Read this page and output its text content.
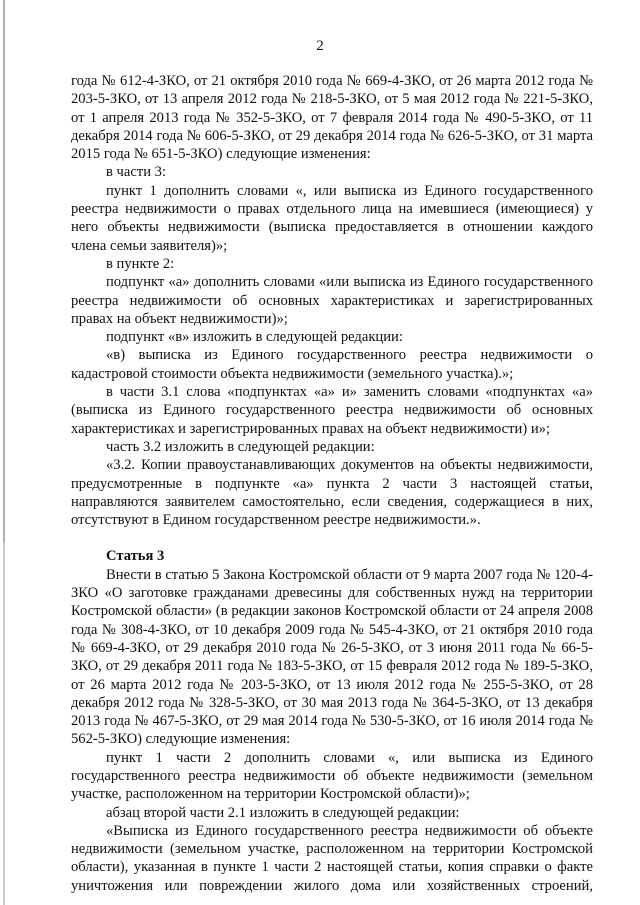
2

года № 612-4-ЗКО, от 21 октября 2010 года № 669-4-ЗКО, от 26 марта 2012 года № 203-5-ЗКО, от 13 апреля 2012 года № 218-5-ЗКО, от 5 мая 2012 года № 221-5-ЗКО, от 1 апреля 2013 года № 352-5-ЗКО, от 7 февраля 2014 года № 490-5-ЗКО, от 11 декабря 2014 года № 606-5-ЗКО, от 29 декабря 2014 года № 626-5-ЗКО, от 31 марта 2015 года № 651-5-ЗКО) следующие изменения:

в части 3:

пункт 1 дополнить словами «, или выписка из Единого государственного реестра недвижимости о правах отдельного лица на имевшиеся (имеющиеся) у него объекты недвижимости (выписка предоставляется в отношении каждого члена семьи заявителя)»;

в пункте 2:

подпункт «а» дополнить словами «или выписка из Единого государственного реестра недвижимости об основных характеристиках и зарегистрированных правах на объект недвижимости)»;

подпункт «в» изложить в следующей редакции:

«в) выписка из Единого государственного реестра недвижимости о кадастровой стоимости объекта недвижимости (земельного участка).»;

в части 3.1 слова «подпунктах «а» и» заменить словами «подпунктах «а» (выписка из Единого государственного реестра недвижимости об основных характеристиках и зарегистрированных правах на объект недвижимости) и»;

часть 3.2 изложить в следующей редакции:

«3.2. Копии правоустанавливающих документов на объекты недвижимости, предусмотренные в подпункте «а» пункта 2 части 3 настоящей статьи, направляются заявителем самостоятельно, если сведения, содержащиеся в них, отсутствуют в Едином государственном реестре недвижимости.».

Статья 3

Внести в статью 5 Закона Костромской области от 9 марта 2007 года № 120-4-ЗКО «О заготовке гражданами древесины для собственных нужд на территории Костромской области» (в редакции законов Костромской области от 24 апреля 2008 года № 308-4-ЗКО, от 10 декабря 2009 года № 545-4-ЗКО, от 21 октября 2010 года № 669-4-ЗКО, от 29 декабря 2010 года № 26-5-ЗКО, от 3 июня 2011 года № 66-5-ЗКО, от 29 декабря 2011 года № 183-5-ЗКО, от 15 февраля 2012 года № 189-5-ЗКО, от 26 марта 2012 года № 203-5-ЗКО, от 13 июля 2012 года № 255-5-ЗКО, от 28 декабря 2012 года № 328-5-ЗКО, от 30 мая 2013 года № 364-5-ЗКО, от 13 декабря 2013 года № 467-5-ЗКО, от 29 мая 2014 года № 530-5-ЗКО, от 16 июля 2014 года № 562-5-ЗКО) следующие изменения:

пункт 1 части 2 дополнить словами «, или выписка из Единого государственного реестра недвижимости об объекте недвижимости (земельном участке, расположенном на территории Костромской области)»;

абзац второй части 2.1 изложить в следующей редакции:

«Выписка из Единого государственного реестра недвижимости об объекте недвижимости (земельном участке, расположенном на территории Костромской области), указанная в пункте 1 части 2 настоящей статьи, копия справки о факте уничтожения или повреждении жилого дома или хозяйственных строений,
